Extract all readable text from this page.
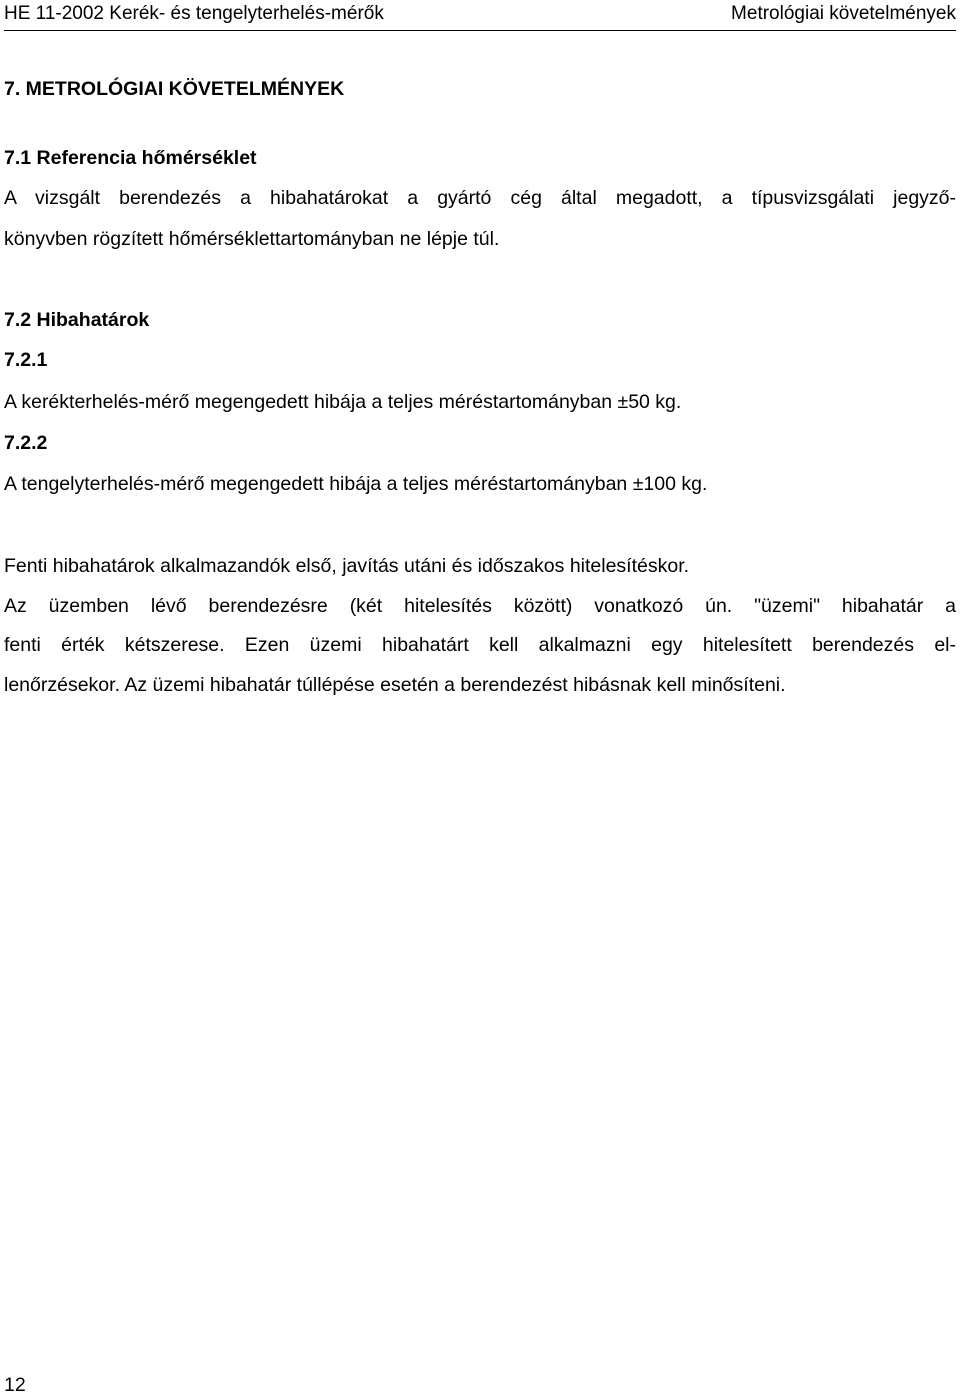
HE 11-2002 Kerék- és tengelyterhelés-mérők	Metrológiai követelmények
7. METROLÓGIAI KÖVETELMÉNYEK
7.1 Referencia hőmérséklet
A vizsgált berendezés a hibahatárokat a gyártó cég által megadott, a típusvizsgálati jegyző-
könyvben rögzített hőmérséklettartományban ne lépje túl.
7.2 Hibahatárok
7.2.1
A kerékterhelés-mérő megengedett hibája a teljes méréstartományban ±50 kg.
7.2.2
A tengelyterhelés-mérő megengedett hibája a teljes méréstartományban ±100 kg.
Fenti hibahatárok alkalmazandók első, javítás utáni és időszakos hitelesítéskor.
Az üzemben lévő berendezésre (két hitelesítés között) vonatkozó ún. "üzemi" hibahatár a
fenti érték kétszerese. Ezen üzemi hibahatárt kell alkalmazni egy hitelesített berendezés el-
lenőrzésekor. Az üzemi hibahatár túllépése esetén a berendezést hibásnak kell minősíteni.
12
